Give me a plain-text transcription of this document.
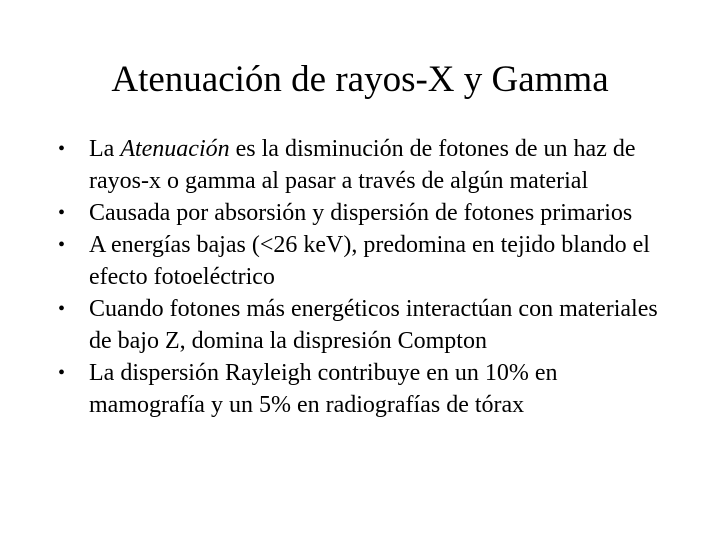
Atenuación de rayos-X y Gamma
• La Atenuación es la disminución de fotones de un haz de rayos-x o gamma al pasar a través de algún material
• Causada por absorsión y dispersión de fotones primarios
• A energías bajas (<26 keV), predomina en tejido blando el efecto fotoeléctrico
• Cuando fotones más energéticos interactúan con materiales de bajo Z, domina la dispresión Compton
• La dispersión Rayleigh contribuye en un 10% en mamografía y un 5% en radiografías de tórax
